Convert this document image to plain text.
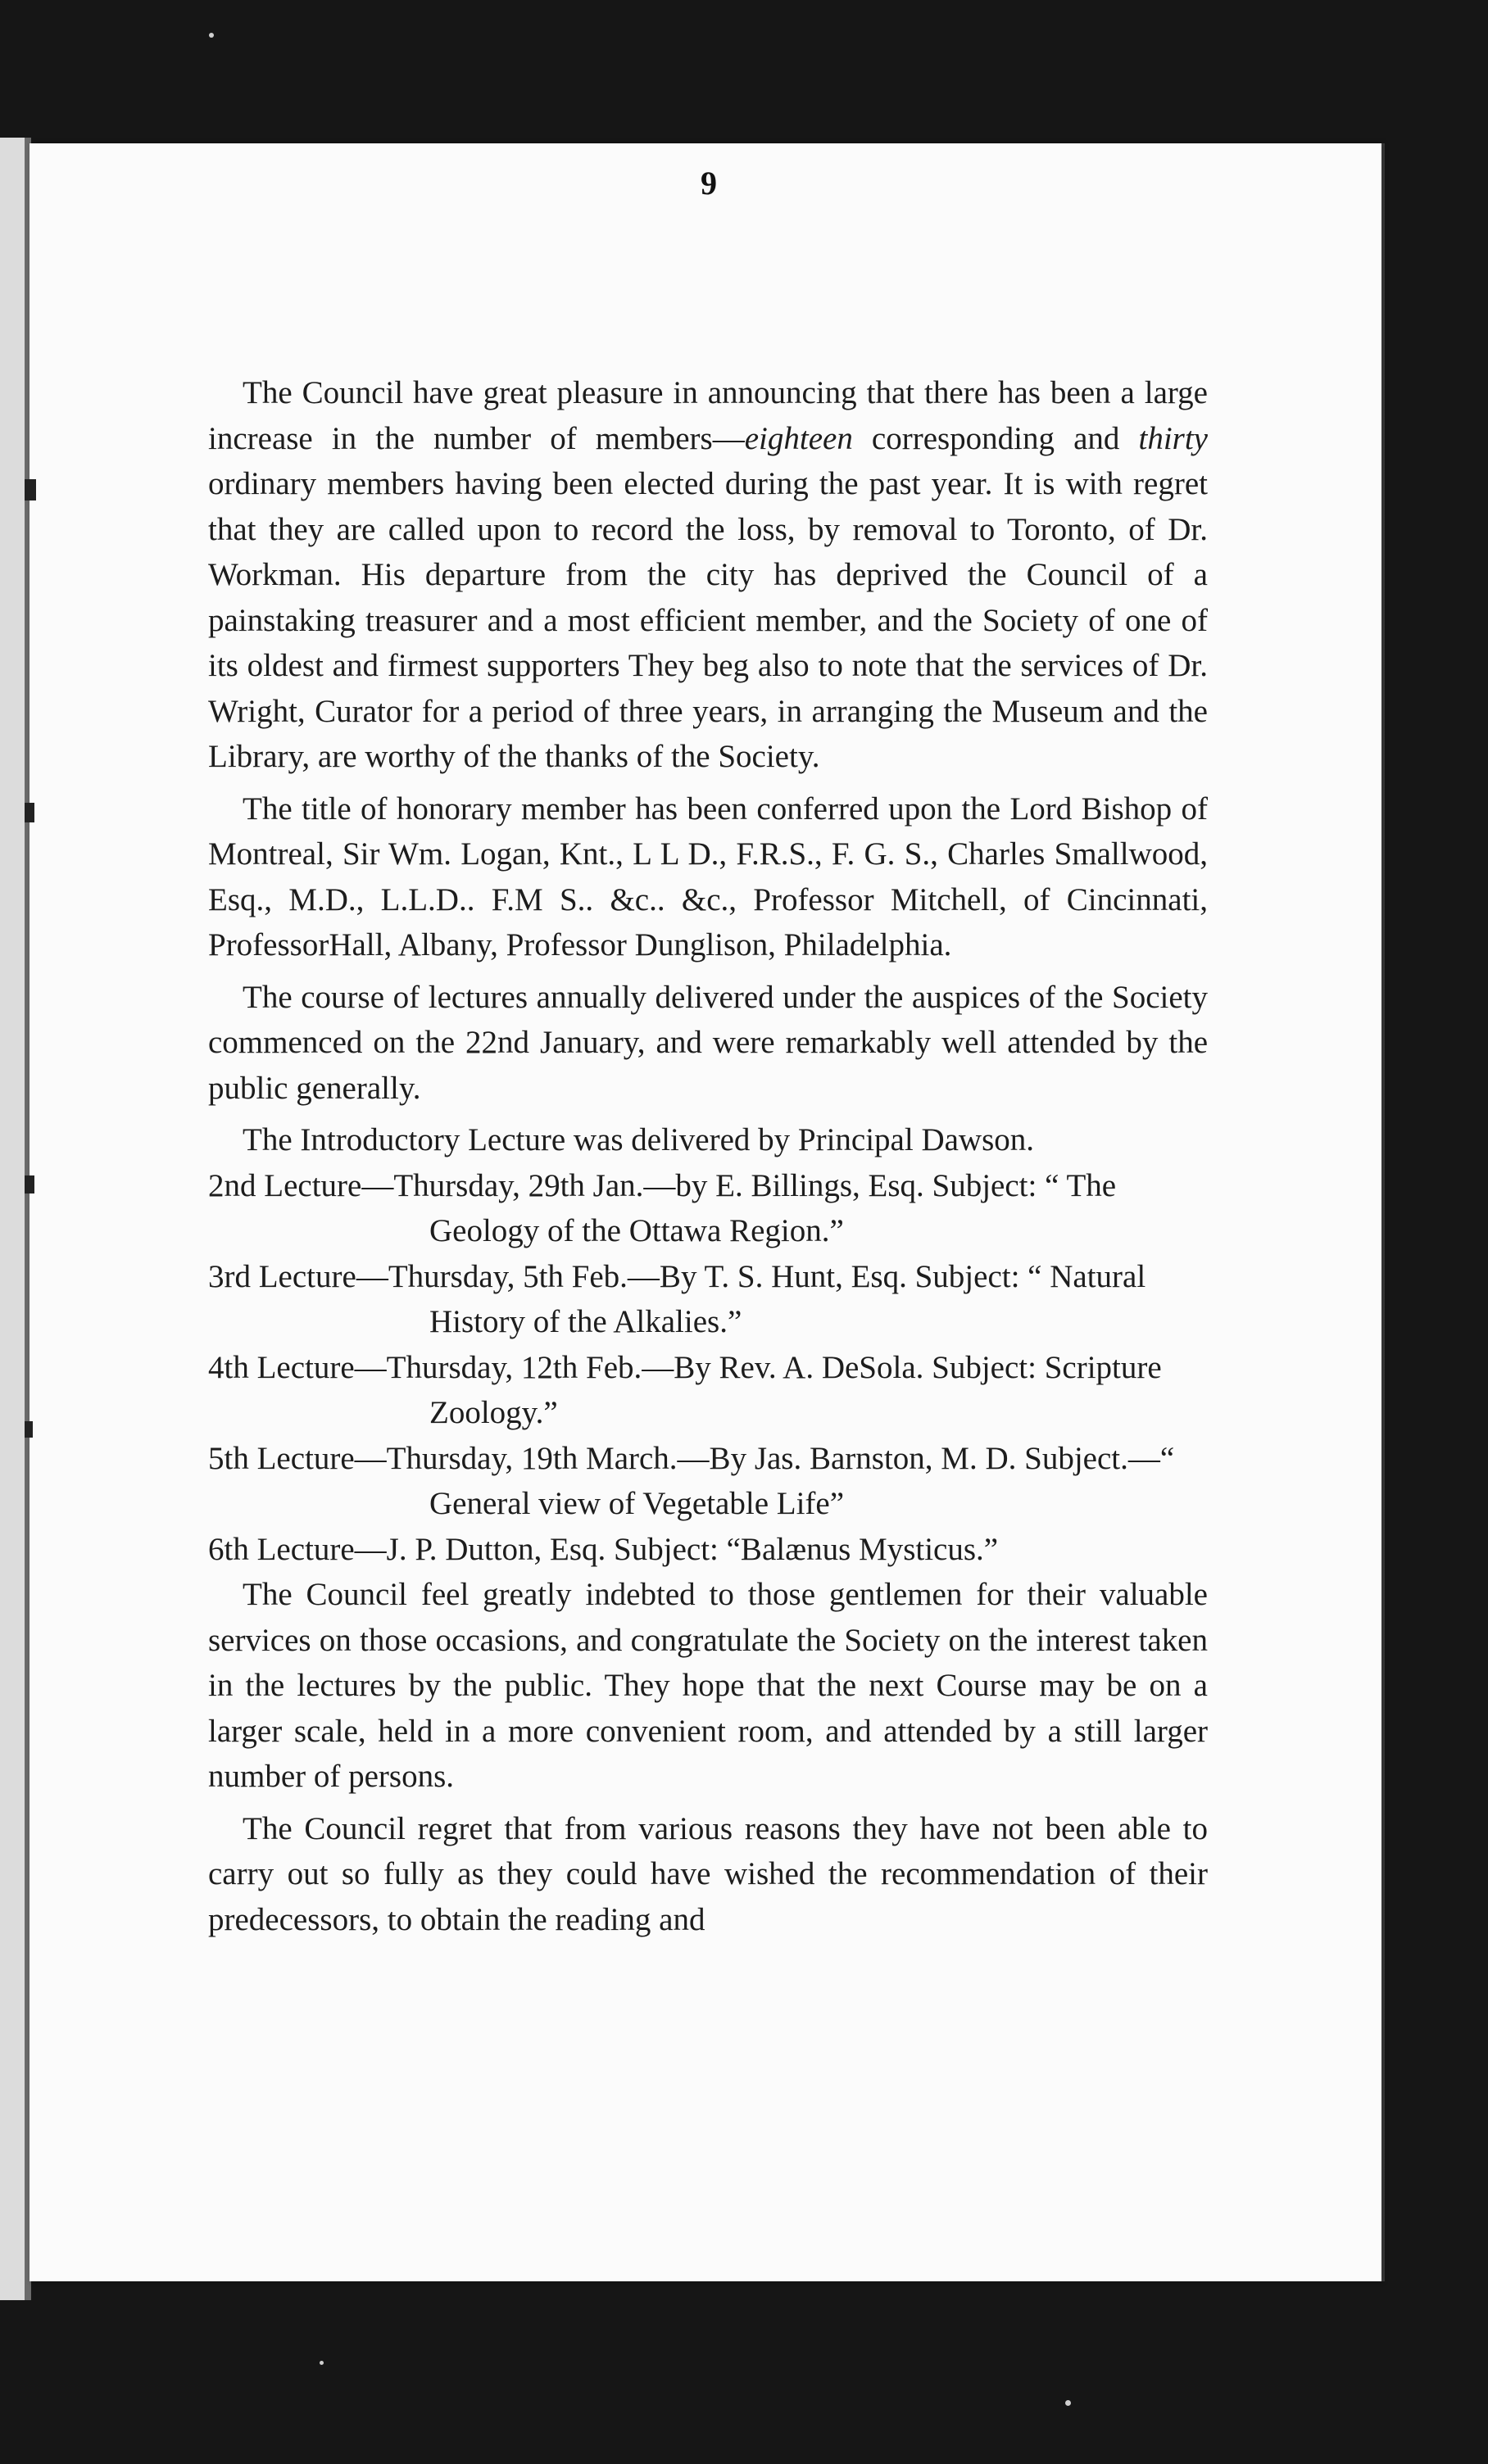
9

The Council have great pleasure in announcing that there has been a large increase in the number of members—eighteen corresponding and thirty ordinary members having been elected during the past year. It is with regret that they are called upon to record the loss, by removal to Toronto, of Dr. Workman. His departure from the city has deprived the Council of a painstaking treasurer and a most efficient member, and the Society of one of its oldest and firmest supporters They beg also to note that the services of Dr. Wright, Curator for a period of three years, in arranging the Museum and the Library, are worthy of the thanks of the Society.

The title of honorary member has been conferred upon the Lord Bishop of Montreal, Sir Wm. Logan, Knt., L L D., F.R.S., F. G. S., Charles Smallwood, Esq., M.D., L.L.D.. F.M S.. &c.. &c., Professor Mitchell, of Cincinnati, ProfessorHall, Albany, Professor Dunglison, Philadelphia.

The course of lectures annually delivered under the auspices of the Society commenced on the 22nd January, and were remarkably well attended by the public generally.

The Introductory Lecture was delivered by Principal Dawson.

2nd Lecture—Thursday, 29th Jan.—by E. Billings, Esq. Subject: “ The Geology of the Ottawa Region.”

3rd Lecture—Thursday, 5th Feb.—By T. S. Hunt, Esq. Subject: “ Natural History of the Alkalies.”

4th Lecture—Thursday, 12th Feb.—By Rev. A. DeSola. Subject: Scripture Zoology.”

5th Lecture—Thursday, 19th March.—By Jas. Barnston, M. D. Subject.—“ General view of Vegetable Life”

6th Lecture—J. P. Dutton, Esq. Subject: “Balænus Mysticus.”

The Council feel greatly indebted to those gentlemen for their valuable services on those occasions, and congratulate the Society on the interest taken in the lectures by the public. They hope that the next Course may be on a larger scale, held in a more convenient room, and attended by a still larger number of persons.

The Council regret that from various reasons they have not been able to carry out so fully as they could have wished the recommendation of their predecessors, to obtain the reading and
